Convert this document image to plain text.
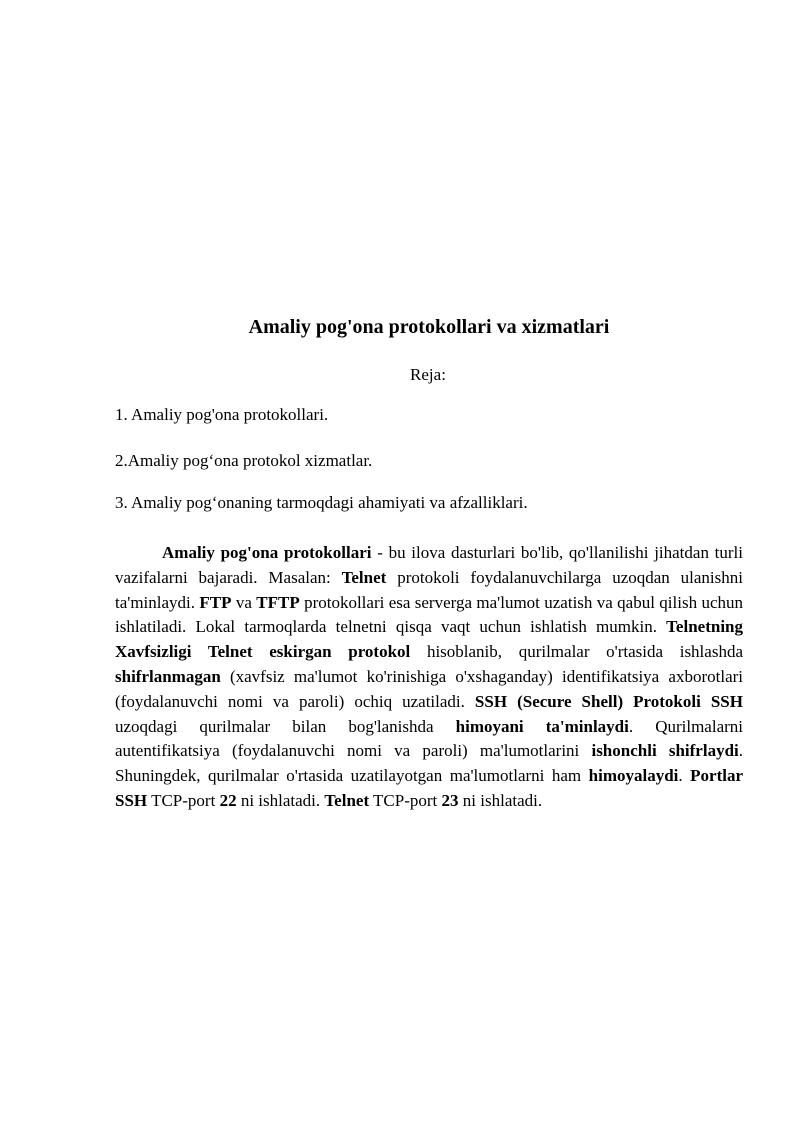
Amaliy pog'ona protokollari va xizmatlari
Reja:
1. Amaliy pog'ona protokollari.
2.Amaliy pog‘ona protokol xizmatlar.
3. Amaliy pog‘onaning tarmoqdagi ahamiyati va afzalliklari.

Amaliy pog'ona protokollari - bu ilova dasturlari bo'lib, qo'llanilishi jihatdan turli vazifalarni bajaradi. Masalan: Telnet protokoli foydalanuvchilarga uzoqdan ulanishni ta'minlaydi. FTP va TFTP protokollari esa serverga ma'lumot uzatish va qabul qilish uchun ishlatiladi. Lokal tarmoqlarda telnetni qisqa vaqt uchun ishlatish mumkin. Telnetning Xavfsizligi Telnet eskirgan protokol hisoblanib, qurilmalar o'rtasida ishlashda shifrlanmagan (xavfsiz ma'lumot ko'rinishiga o'xshaganday) identifikatsiya axborotlari (foydalanuvchi nomi va paroli) ochiq uzatiladi. SSH (Secure Shell) Protokoli SSH uzoqdagi qurilmalar bilan bog'lanishda himoyani ta'minlaydi. Qurilmalarni autentifikatsiya (foydalanuvchi nomi va paroli) ma'lumotlarini ishonchli shifrlaydi. Shuningdek, qurilmalar o'rtasida uzatilayotgan ma'lumotlarni ham himoyalaydi. Portlar SSH TCP-port 22 ni ishlatadi. Telnet TCP-port 23 ni ishlatadi.
